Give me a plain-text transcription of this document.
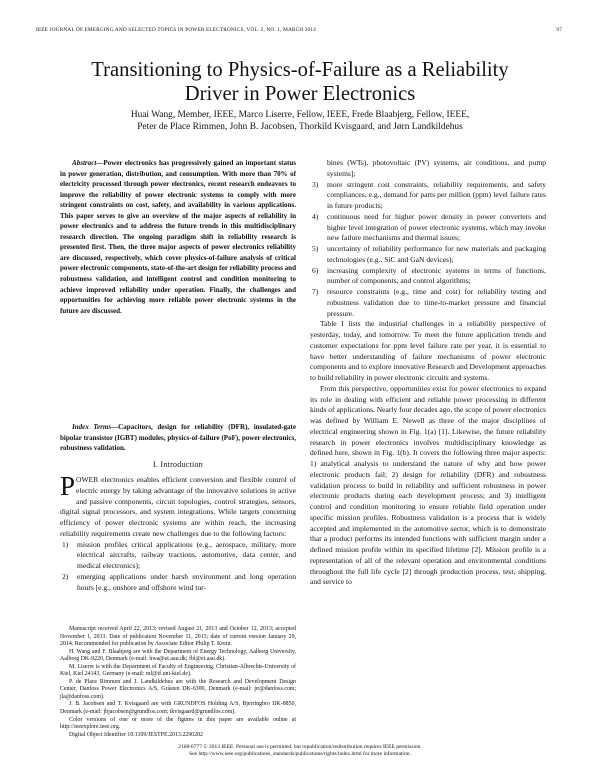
IEEE JOURNAL OF EMERGING AND SELECTED TOPICS IN POWER ELECTRONICS, VOL. 2, NO. 1, MARCH 2014	97
Transitioning to Physics-of-Failure as a Reliability
Driver in Power Electronics
Huai Wang, Member, IEEE, Marco Liserre, Fellow, IEEE, Frede Blaabjerg, Fellow, IEEE,
Peter de Place Rimmen, John B. Jacobsen, Thorkild Kvisgaard, and Jørn Landkildehus
Abstract—Power electronics has progressively gained an important status in power generation, distribution, and consumption. With more than 70% of electricity processed through power electronics, recent research endeavors to improve the reliability of power electronic systems to comply with more stringent constraints on cost, safety, and availability in various applications. This paper serves to give an overview of the major aspects of reliability in power electronics and to address the future trends in this multidisciplinary research direction. The ongoing paradigm shift in reliability research is presented first. Then, the three major aspects of power electronics reliability are discussed, respectively, which cover physics-of-failure analysis of critical power electronic components, state-of-the-art design for reliability process and robustness validation, and intelligent control and condition monitoring to achieve improved reliability under operation. Finally, the challenges and opportunities for achieving more reliable power electronic systems in the future are discussed.
Index Terms—Capacitors, design for reliability (DFR), insulated-gate bipolar transistor (IGBT) modules, physics-of-failure (PoF), power electronics, robustness validation.
I. Introduction

POWER electronics enables efficient conversion and flexible control of electric energy by taking advantage of the innovative solutions in active and passive components, circuit topologies, control strategies, sensors, digital signal processors, and system integrations. While targets concerning efficiency of power electronic systems are within reach, the increasing reliability requirements create new challenges due to the following factors:

1) mission profiles critical applications (e.g., aerospace, military, more electrical aircrafts, railway tractions, automotive, data center, and medical electronics);
2) emerging applications under harsh environment and long operation hours [e.g., onshore and offshore wind tur-

Manuscript received April 22, 2013; revised August 21, 2013 and October 12, 2013; accepted November 1, 2013. Date of publication November 11, 2013; date of current version January 29, 2014. Recommended for publication by Associate Editor Philip T. Krein.

H. Wang and F. Blaabjerg are with the Department of Energy Technology, Aalborg University, Aalborg DK-9220, Denmark (e-mail: hwa@et.aau.dk; fbl@et.aau.dk).

M. Liserre is with the Department of Faculty of Engineering, Christian-Albrechts-University of Kiel, Kiel 24143, Germany (e-mail: ml@tf.uni-kiel.de).

P. de Place Rimmen and J. Landkildehus are with the Research and Development Design Center, Danfoss Power Electronics A/S, Gråsten DK-6300, Denmark (e-mail: pr@danfoss.com; jla@danfoss.com).

J. B. Jacobsen and T. Kvisgaard are with GRUNDFOS Holding A/S, Bjerringbro DK-8850, Denmark (e-mail: jbjacobsen@grundfos.com; tkvisgaard@grundfos.com).

Color versions of one or more of the figures in this paper are available online at http://ieeexplore.ieee.org.

Digital Object Identifier 10.1109/JESTPE.2013.2290282

bines (WTs), photovoltaic (PV) systems, air conditions, and pump systems];
3) more stringent cost constraints, reliability requirements, and safety compliances, e.g., demand for parts per million (ppm) level failure rates in future products;
4) continuous need for higher power density in power converters and higher level integration of power electronic systems, which may invoke new failure mechanisms and thermal issues;
5) uncertainty of reliability performance for new materials and packaging technologies (e.g., SiC and GaN devices);
6) increasing complexity of electronic systems in terms of functions, number of components, and control algorithms;
7) resource constraints (e.g., time and cost) for reliability testing and robustness validation due to time-to-market pressure and financial pressure.

Table I lists the industrial challenges in a reliability perspective of yesterday, today, and tomorrow. To meet the future application trends and customer expectations for ppm level failure rate per year, it is essential to have better understanding of failure mechanisms of power electronic components and to explore innovative Research and Development approaches to build reliability in power electronic circuits and systems.

From this perspective, opportunities exist for power electronics to expand its role in dealing with efficient and reliable power processing in different kinds of applications. Nearly four decades ago, the scope of power electronics was defined by William E. Newell as three of the major disciplines of electrical engineering shown in Fig. 1(a) [1]. Likewise, the future reliability research in power electronics involves multidisciplinary knowledge as defined here, shown in Fig. 1(b). It covers the following three major aspects: 1) analytical analysis to understand the nature of why and how power electronic products fail; 2) design for reliability (DFR) and robustness validation process to build in reliability and sufficient robustness in power electronic products during each development process; and 3) intelligent control and condition monitoring to ensure reliable field operation under specific mission profiles. Robustness validation is a process that is widely accepted and implemented in the automotive sector, which is to demonstrate that a product performs its intended functions with sufficient margin under a defined mission profile within its specified lifetime [2]. Mission profile is a representation of all of the relevant operation and environmental conditions throughout the full life cycle [2] through production process, test, shipping, and service to

2168-6777 © 2013 IEEE. Personal use is permitted, but republication/redistribution requires IEEE permission.
See http://www.ieee.org/publications_standards/publications/rights/index.html for more information.
